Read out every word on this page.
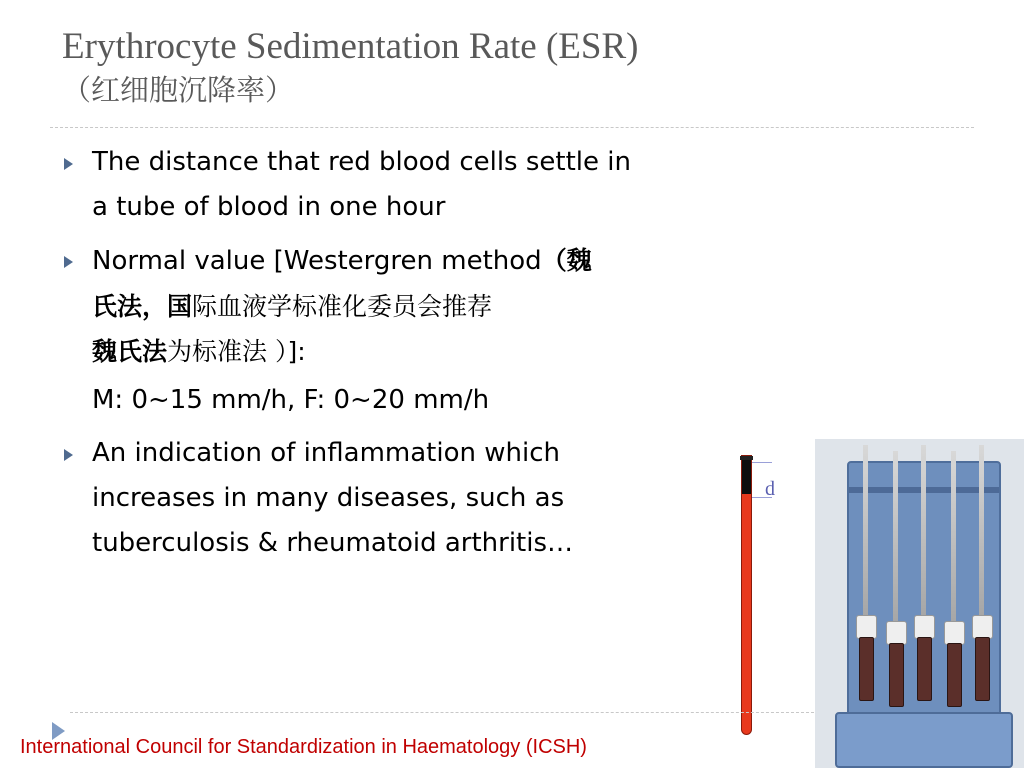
Erythrocyte Sedimentation Rate (ESR)
（红细胞沉降率）
The distance that red blood cells settle in
a tube of blood in one hour
Normal value [Westergren method（魏
氏法，国际血液学标准化委员会推荐
魏氏法为标准法 ）]:
M: 0~15 mm/h, F: 0~20 mm/h
An indication of inflammation which
increases in many diseases, such as
tuberculosis & rheumatoid arthritis…
d
International Council for Standardization in Haematology (ICSH)
